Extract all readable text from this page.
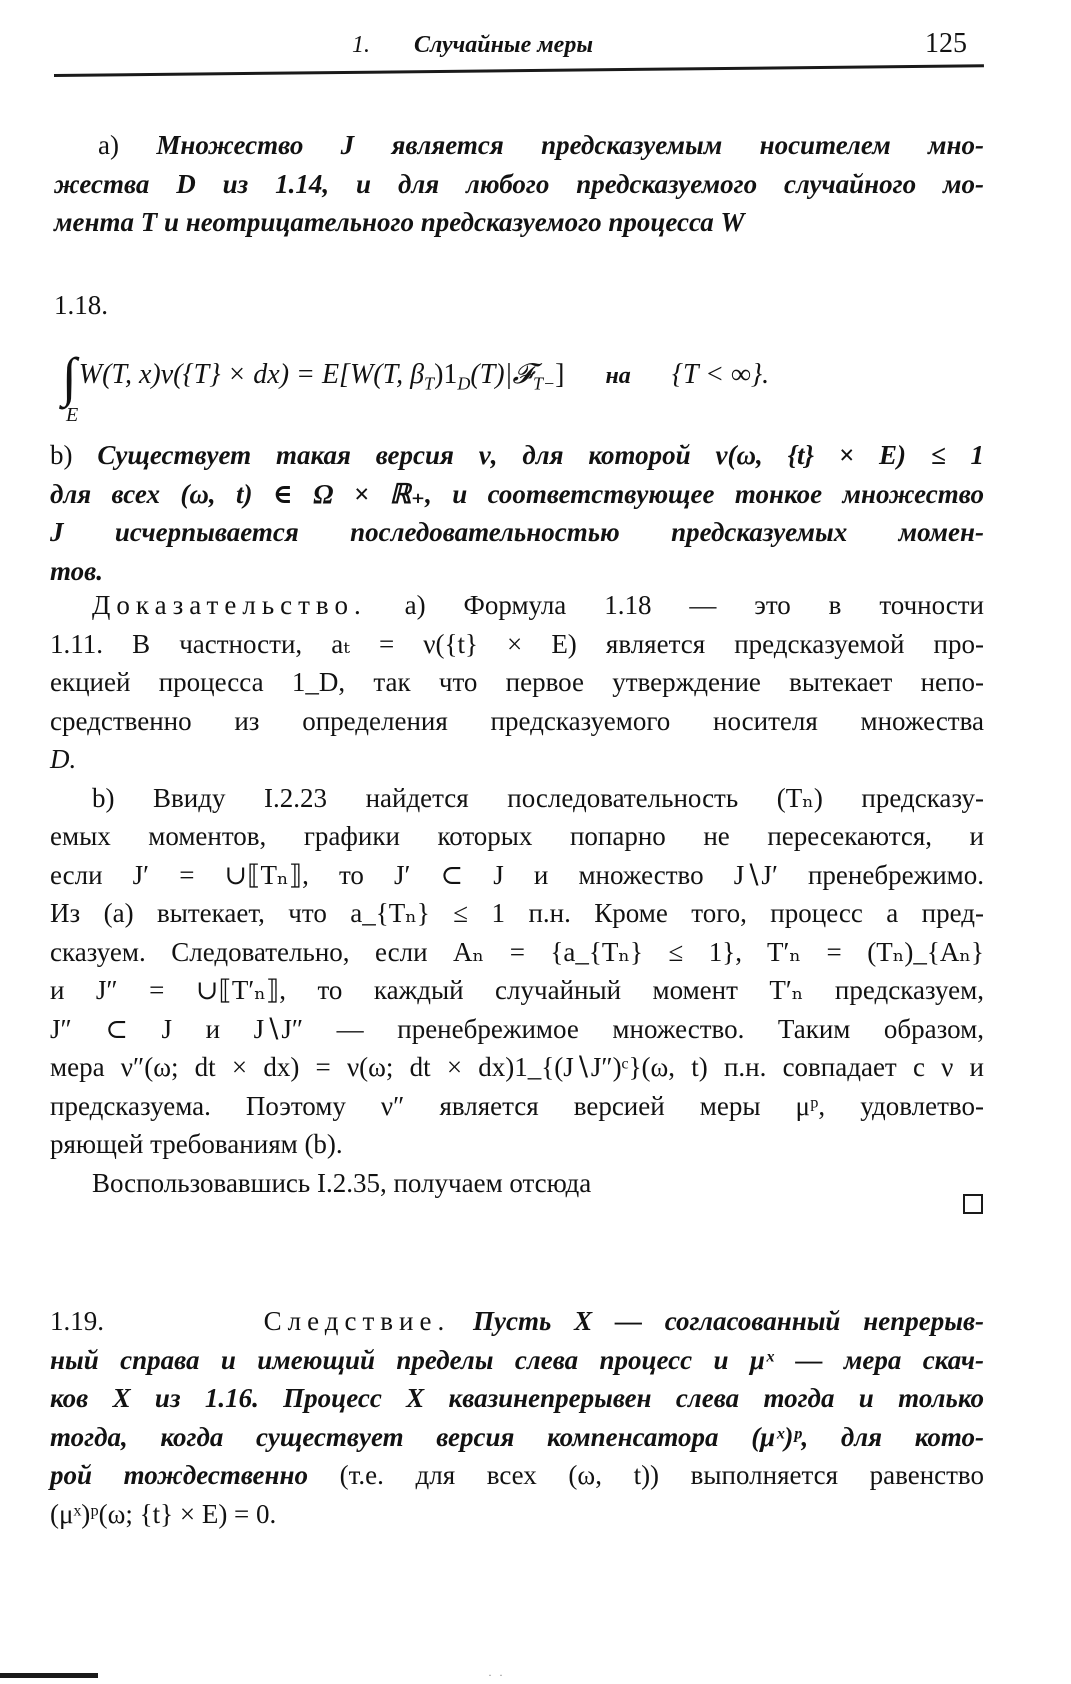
1. Случайные меры	125
a) Множество J является предсказуемым носителем мно-
жества D из 1.14, и для любого предсказуемого случайного мо-
мента T и неотрицательного предсказуемого процесса W
1.18.
∫W(T, x)ν({T} × dx) = E[W(T, $\beta_T)1_D(T)|𝓕_{T-}$] на {T < ∞}.
E
b) Существует такая версия ν, для которой ν(ω, {t} × E) ≤ 1
для всех (ω, t) ∈ Ω × ℝ₊, и соответствующее тонкое множество
J исчерпывается последовательностью предсказуемых момен-
тов.
Доказательство. a) Формула 1.18 — это в точности
1.11. В частности, aₜ = ν({t} × E) является предсказуемой про-
екцией процесса 1_D, так что первое утверждение вытекает непо-
средственно из определения предсказуемого носителя множества
D.
b) Ввиду I.2.23 найдется последовательность (Tₙ) предсказу-
емых моментов, графики которых попарно не пересекаются, и
если J′ = ∪⟦Tₙ⟧, то J′ ⊂ J и множество J∖J′ пренебрежимо.
Из (a) вытекает, что a_{Tₙ} ≤ 1 п.н. Кроме того, процесс a пред-
сказуем. Следовательно, если Aₙ = {a_{Tₙ} ≤ 1}, T′ₙ = (Tₙ)_{Aₙ}
и J″ = ∪⟦T′ₙ⟧, то каждый случайный момент T′ₙ предсказуем,
J″ ⊂ J и J∖J″ — пренебрежимое множество. Таким образом,
мера ν″(ω; dt × dx) = ν(ω; dt × dx)1_{(J∖J″)ᶜ}(ω, t) п.н. совпадает с ν и
предсказуема. Поэтому ν″ является версией меры μᵖ, удовлетво-
ряющей требованиям (b).
Воспользовавшись I.2.35, получаем отсюда
1.19.	Следствие. Пусть X — согласованный непрерыв-
ный справа и имеющий пределы слева процесс и μˣ — мера скач-
ков X из 1.16. Процесс X квазинепрерывен слева тогда и только
тогда, когда существует версия компенсатора (μˣ)ᵖ, для кото-
рой тождественно (т.е. для всех (ω, t)) выполняется равенство
(μˣ)ᵖ(ω; {t} × E) = 0.
· ·
